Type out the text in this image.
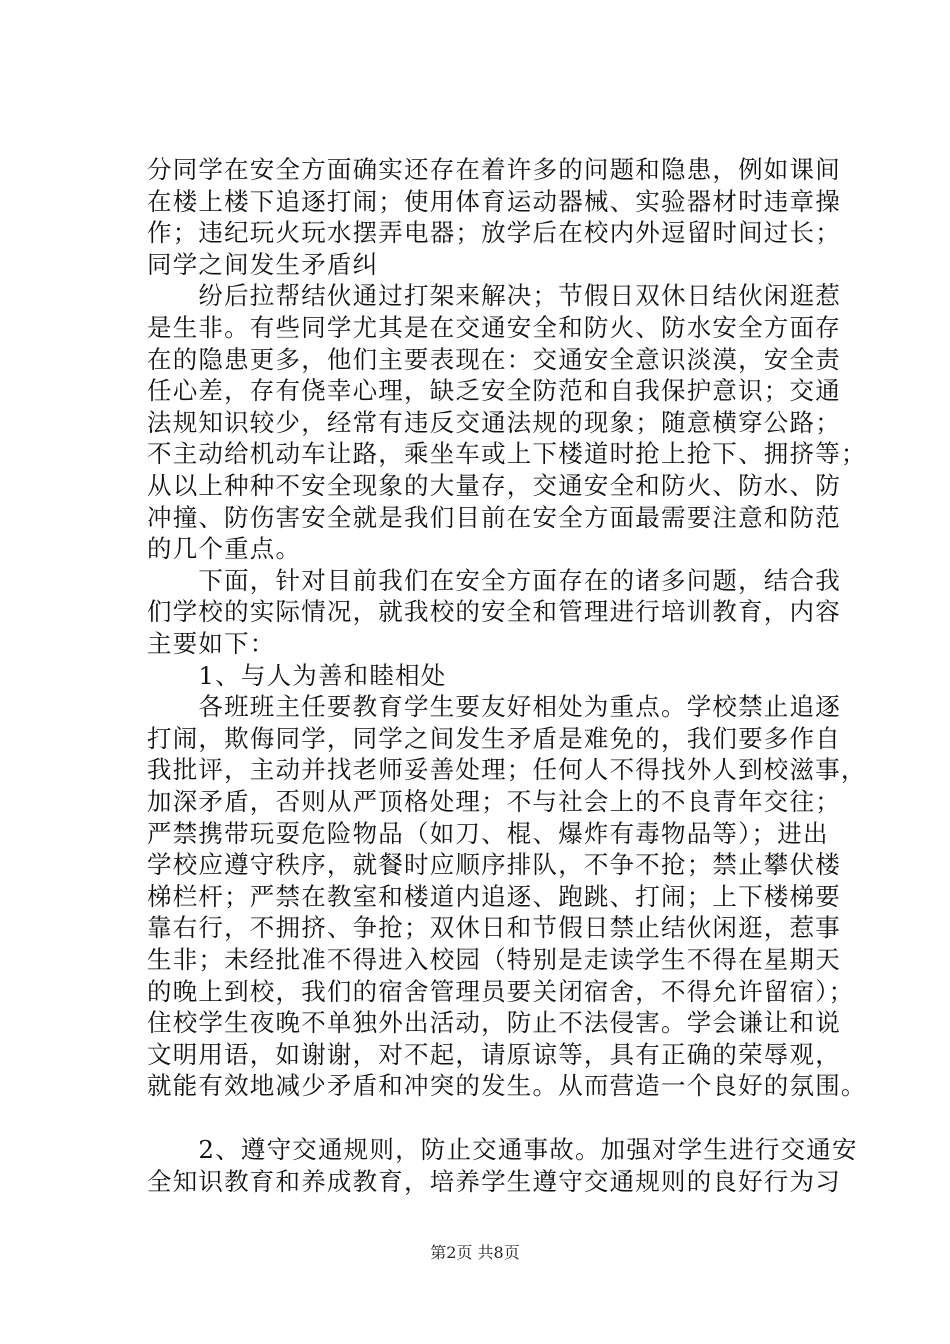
分同学在安全方面确实还存在着许多的问题和隐患，例如课间
在楼上楼下追逐打闹；使用体育运动器械、实验器材时违章操
作；违纪玩火玩水摆弄电器；放学后在校内外逗留时间过长；
同学之间发生矛盾纠
　　纷后拉帮结伙通过打架来解决；节假日双休日结伙闲逛惹
是生非。有些同学尤其是在交通安全和防火、防水安全方面存
在的隐患更多，他们主要表现在：交通安全意识淡漠，安全责
任心差，存有侥幸心理，缺乏安全防范和自我保护意识；交通
法规知识较少，经常有违反交通法规的现象；随意横穿公路；
不主动给机动车让路，乘坐车或上下楼道时抢上抢下、拥挤等；
从以上种种不安全现象的大量存，交通安全和防火、防水、防
冲撞、防伤害安全就是我们目前在安全方面最需要注意和防范
的几个重点。
　　下面，针对目前我们在安全方面存在的诸多问题，结合我
们学校的实际情况，就我校的安全和管理进行培训教育，内容
主要如下：
　　1、与人为善和睦相处
　　各班班主任要教育学生要友好相处为重点。学校禁止追逐
打闹，欺侮同学，同学之间发生矛盾是难免的，我们要多作自
我批评，主动并找老师妥善处理；任何人不得找外人到校滋事，
加深矛盾，否则从严顶格处理；不与社会上的不良青年交往；
严禁携带玩耍危险物品（如刀、棍、爆炸有毒物品等）；进出
学校应遵守秩序，就餐时应顺序排队，不争不抢；禁止攀伏楼
梯栏杆；严禁在教室和楼道内追逐、跑跳、打闹；上下楼梯要
靠右行，不拥挤、争抢；双休日和节假日禁止结伙闲逛，惹事
生非；未经批准不得进入校园（特别是走读学生不得在星期天
的晚上到校，我们的宿舍管理员要关闭宿舍，不得允许留宿）；
住校学生夜晚不单独外出活动，防止不法侵害。学会谦让和说
文明用语，如谢谢，对不起，请原谅等，具有正确的荣辱观，
就能有效地减少矛盾和冲突的发生。从而营造一个良好的氛围。
　　2、遵守交通规则，防止交通事故。加强对学生进行交通安
全知识教育和养成教育，培养学生遵守交通规则的良好行为习
第2页 共8页
